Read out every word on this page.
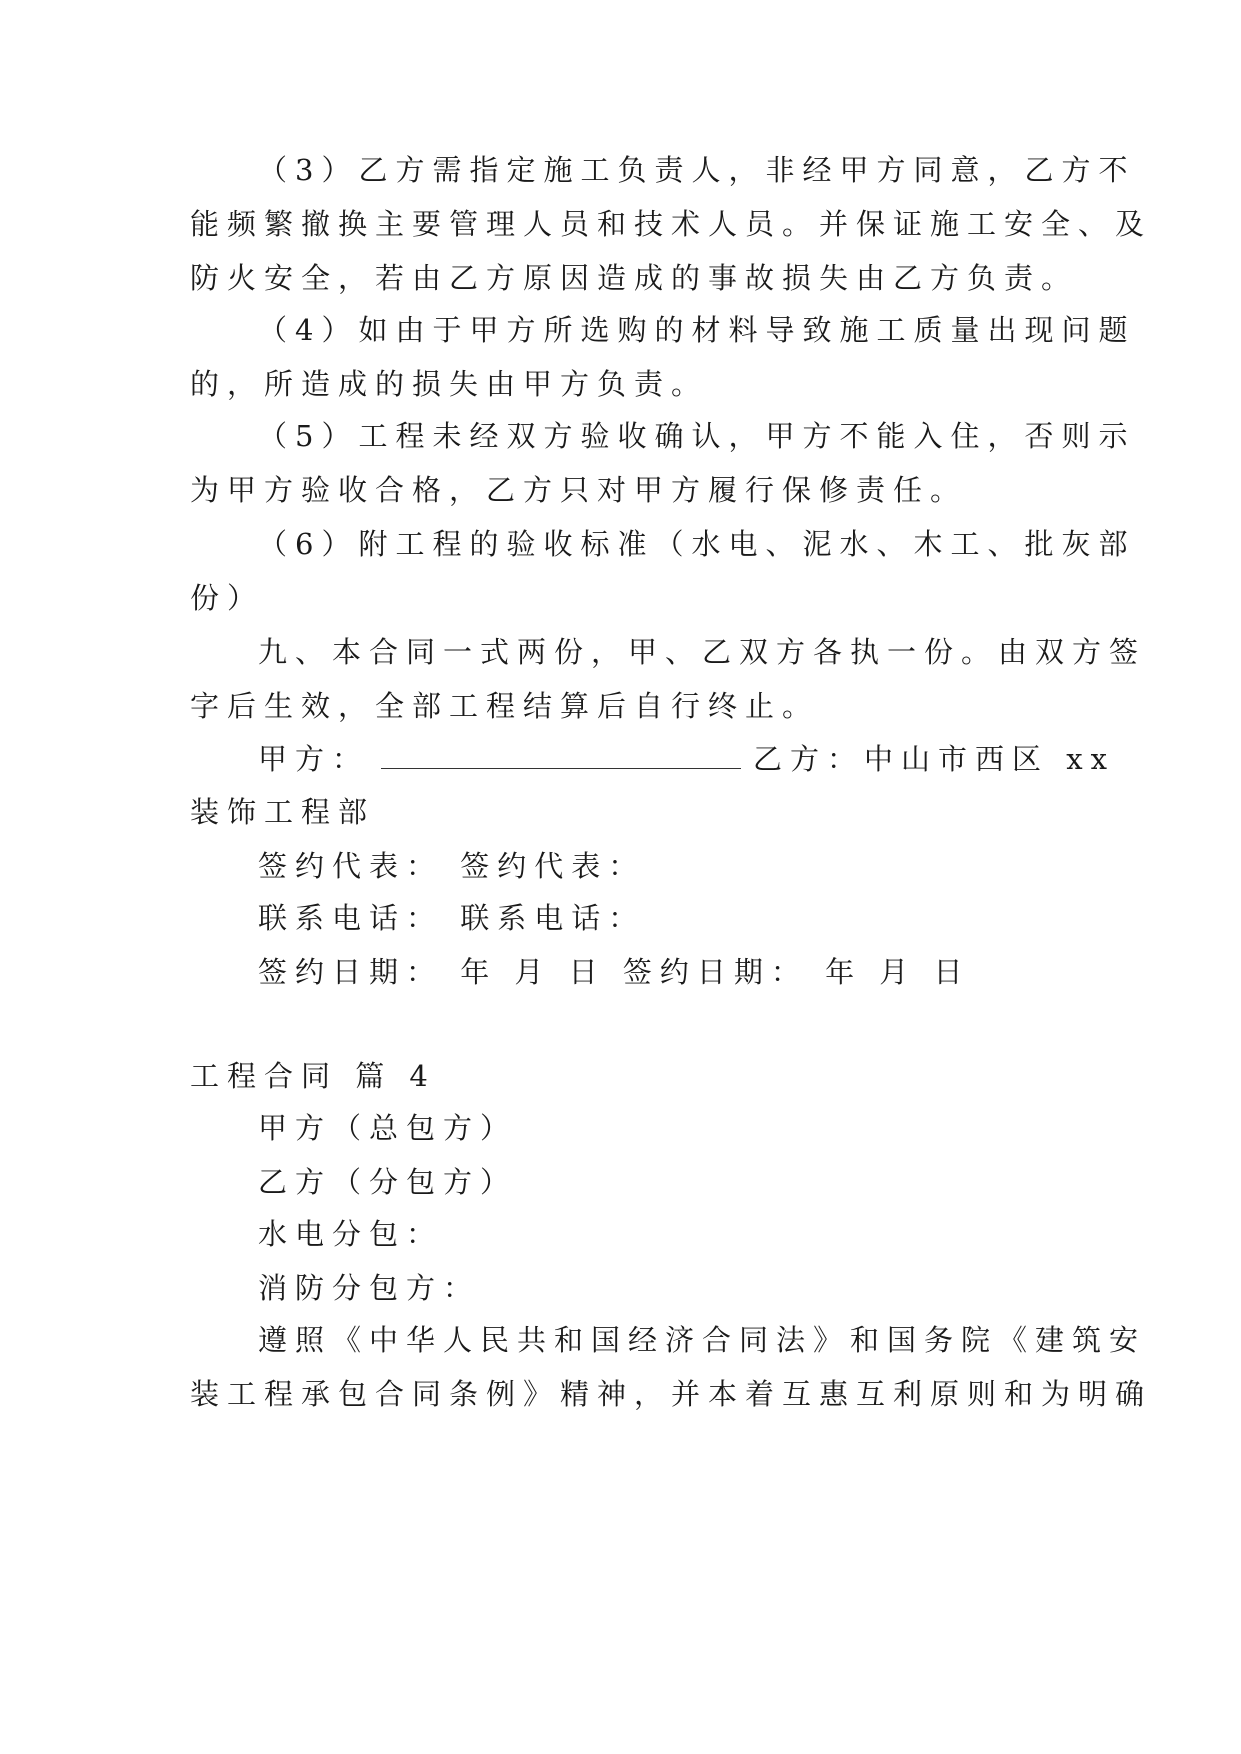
（3）乙方需指定施工负责人，非经甲方同意，乙方不
能频繁撤换主要管理人员和技术人员。并保证施工安全、及
防火安全，若由乙方原因造成的事故损失由乙方负责。
（4）如由于甲方所选购的材料导致施工质量出现问题
的，所造成的损失由甲方负责。
（5）工程未经双方验收确认，甲方不能入住，否则示
为甲方验收合格，乙方只对甲方履行保修责任。
（6）附工程的验收标准（水电、泥水、木工、批灰部
份）
九、本合同一式两份，甲、乙双方各执一份。由双方签
字后生效，全部工程结算后自行终止。
甲方：	乙方：中山市西区 xx
装饰工程部
签约代表： 签约代表：
联系电话： 联系电话：
签约日期： 年 月 日 签约日期： 年 月 日
工程合同 篇 4
甲方（总包方）
乙方（分包方）
水电分包：
消防分包方：
遵照《中华人民共和国经济合同法》和国务院《建筑安
装工程承包合同条例》精神，并本着互惠互利原则和为明确
